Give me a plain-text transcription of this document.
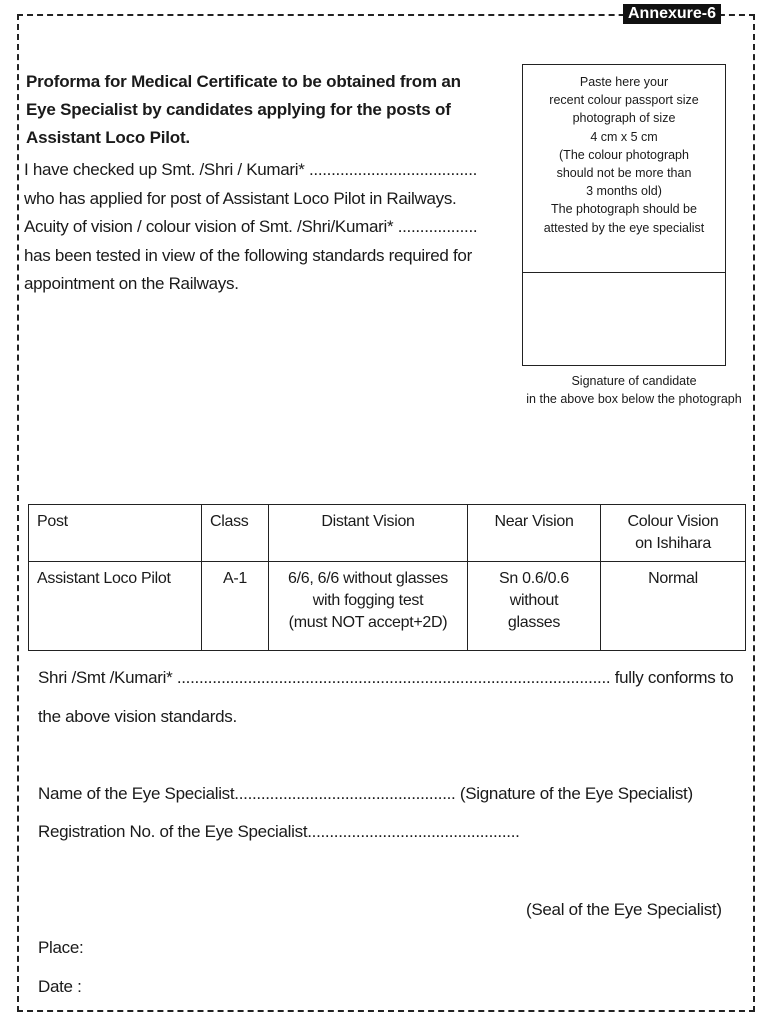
Annexure-6
Proforma for Medical Certificate to be obtained from an
Eye Specialist by candidates applying for the posts of
Assistant Loco Pilot.
I have checked up Smt. /Shri / Kumari* ......................................
who has applied for post of Assistant Loco Pilot in Railways.
Acuity of vision / colour vision of Smt. /Shri/Kumari* ..................
has been tested in view of the following standards required for
appointment on the Railways.
Paste here your
recent colour passport size
photograph of size
4 cm x 5 cm
(The colour photograph
should not be more than
3 months old)
The photograph should be
attested by the eye specialist
Signature of candidate
in the above box below the photograph
Post	Class	Distant Vision	Near Vision	Colour Vision
on Ishihara
Assistant Loco Pilot	A-1	6/6, 6/6 without glasses
with fogging test
(must NOT accept+2D)	Sn 0.6/0.6
without
glasses	Normal
Shri /Smt /Kumari* .................................................................................................. fully conforms to
the above vision standards.
Name of the Eye Specialist.................................................. (Signature of the Eye Specialist)
Registration No. of the Eye Specialist................................................
(Seal of the Eye Specialist)
Place:
Date :
